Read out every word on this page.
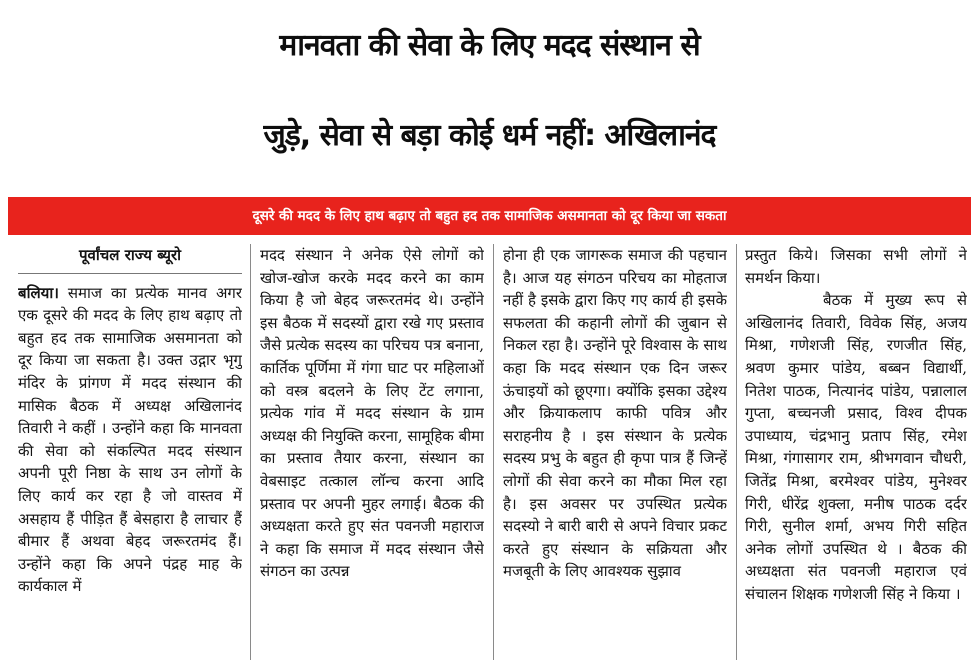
मानवता की सेवा के लिए मदद संस्थान से
जुड़े, सेवा से बड़ा कोई धर्म नहीं: अखिलानंद
दूसरे की मदद के लिए हाथ बढ़ाए तो बहुत हद तक सामाजिक असमानता को दूर किया जा सकता
पूर्वांचल राज्य ब्यूरो

बलिया। समाज का प्रत्येक मानव अगर एक दूसरे की मदद के लिए हाथ बढ़ाए तो बहुत हद तक सामाजिक असमानता को दूर किया जा सकता है। उक्त उद्गार भृगु मंदिर के प्रांगण में मदद संस्थान की मासिक बैठक में अध्यक्ष अखिलानंद तिवारी ने कहीं । उन्होंने कहा कि मानवता की सेवा को संकल्पित मदद संस्थान अपनी पूरी निष्ठा के साथ उन लोगों के लिए कार्य कर रहा है जो वास्तव में असहाय हैं पीड़ित हैं बेसहारा है लाचार हैं बीमार हैं अथवा बेहद जरूरतमंद हैं। उन्होंने कहा कि अपने पंद्रह माह के कार्यकाल में

मदद संस्थान ने अनेक ऐसे लोगों को खोज-खोज करके मदद करने का काम किया है जो बेहद जरूरतमंद थे। उन्होंने इस बैठक में सदस्यों द्वारा रखे गए प्रस्ताव जैसे प्रत्येक सदस्य का परिचय पत्र बनाना, कार्तिक पूर्णिमा में गंगा घाट पर महिलाओं को वस्त्र बदलने के लिए टेंट लगाना, प्रत्येक गांव में मदद संस्थान के ग्राम अध्यक्ष की नियुक्ति करना, सामूहिक बीमा का प्रस्ताव तैयार करना, संस्थान का वेबसाइट तत्काल लॉन्च करना आदि प्रस्ताव पर अपनी मुहर लगाई। बैठक की अध्यक्षता करते हुए संत पवनजी महाराज ने कहा कि समाज में मदद संस्थान जैसे संगठन का उत्पन्न

होना ही एक जागरूक समाज की पहचान है। आज यह संगठन परिचय का मोहताज नहीं है इसके द्वारा किए गए कार्य ही इसके सफलता की कहानी लोगों की जुबान से निकल रहा है। उन्होंने पूरे विश्वास के साथ कहा कि मदद संस्थान एक दिन जरूर ऊंचाइयों को छूएगा। क्योंकि इसका उद्देश्य और क्रियाकलाप काफी पवित्र और सराहनीय है । इस संस्थान के प्रत्येक सदस्य प्रभु के बहुत ही कृपा पात्र हैं जिन्हें लोगों की सेवा करने का मौका मिल रहा है। इस अवसर पर उपस्थित प्रत्येक सदस्यो ने बारी बारी से अपने विचार प्रकट करते हुए संस्थान के सक्रियता और मजबूती के लिए आवश्यक सुझाव

प्रस्तुत किये। जिसका सभी लोगों ने समर्थन किया।

बैठक में मुख्य रूप से अखिलानंद तिवारी, विवेक सिंह, अजय मिश्रा, गणेशजी सिंह, रणजीत सिंह, श्रवण कुमार पांडेय, बब्बन विद्यार्थी, नितेश पाठक, नित्यानंद पांडेय, पन्नालाल गुप्ता, बच्चनजी प्रसाद, विश्व दीपक उपाध्याय, चंद्रभानु प्रताप सिंह, रमेश मिश्रा, गंगासागर राम, श्रीभगवान चौधरी, जितेंद्र मिश्रा, बरमेश्वर पांडेय, मुनेश्वर गिरी, धीरेंद्र शुक्ला, मनीष पाठक दर्दर गिरी, सुनील शर्मा, अभय गिरी सहित अनेक लोगों उपस्थित थे । बैठक की अध्यक्षता संत पवनजी महाराज एवं संचालन शिक्षक गणेशजी सिंह ने किया ।
